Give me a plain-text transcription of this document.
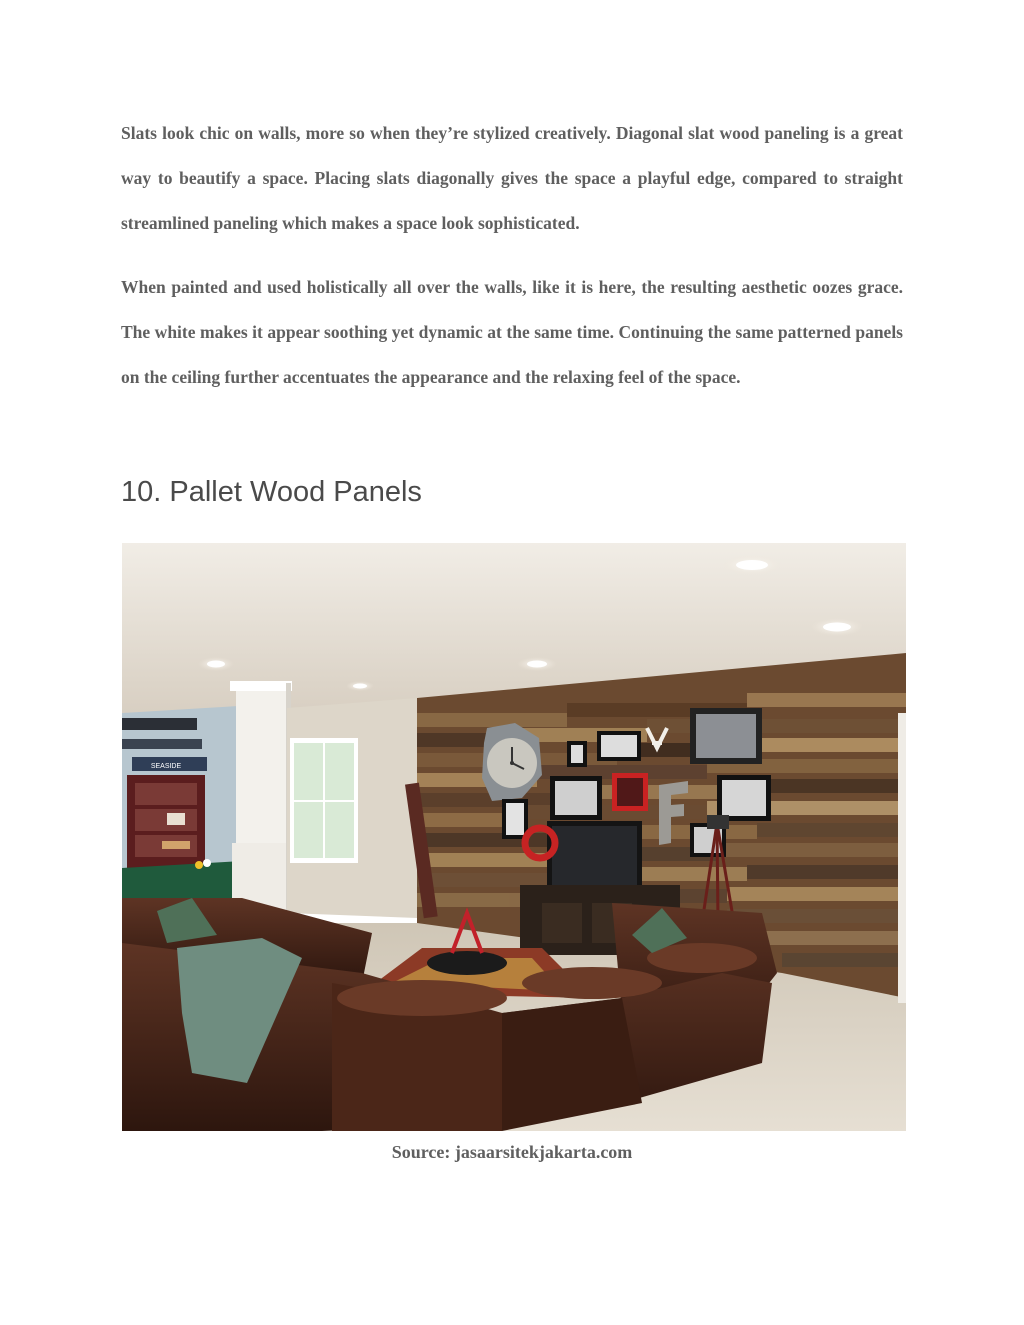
Slats look chic on walls, more so when they’re stylized creatively. Diagonal slat wood paneling is a great way to beautify a space. Placing slats diagonally gives the space a playful edge, compared to straight streamlined paneling which makes a space look sophisticated.

When painted and used holistically all over the walls, like it is here, the resulting aesthetic oozes grace. The white makes it appear soothing yet dynamic at the same time. Continuing the same patterned panels on the ceiling further accentuates the appearance and the relaxing feel of the space.

10. Pallet Wood Panels
SEASIDE

Source: jasaarsitekjakarta.com
